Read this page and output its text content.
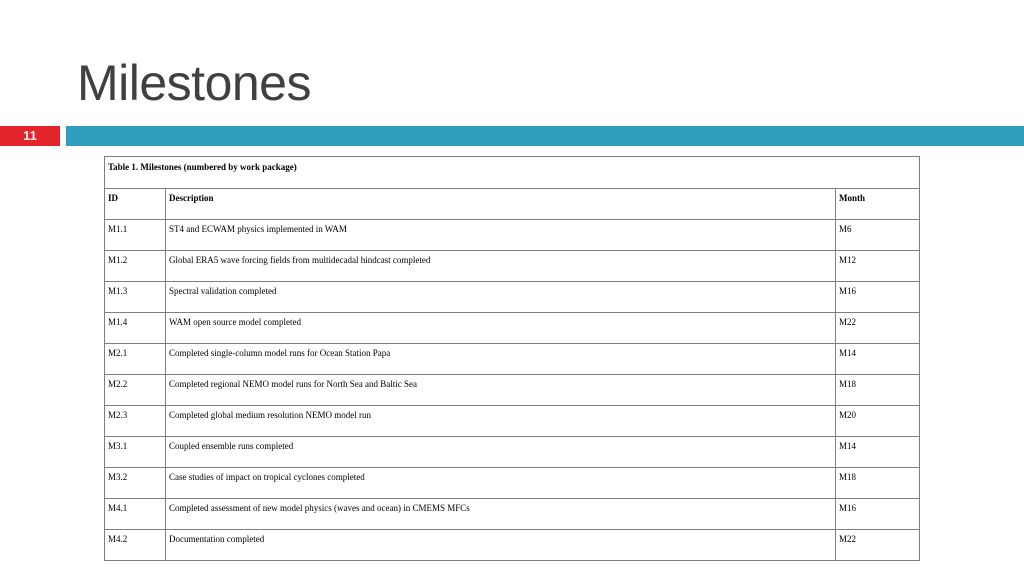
Milestones
11
Table 1. Milestones (numbered by work package)		
ID	Description	Month
M1.1	ST4 and ECWAM physics implemented in WAM	M6
M1.2	Global ERA5 wave forcing fields from multidecadal hindcast completed	M12
M1.3	Spectral validation completed	M16
M1.4	WAM open source model completed	M22
M2.1	Completed single-column model runs for Ocean Station Papa	M14
M2.2	Completed regional NEMO model runs for North Sea and Baltic Sea	M18
M2.3	Completed global medium resolution NEMO model run	M20
M3.1	Coupled ensemble runs completed	M14
M3.2	Case studies of impact on tropical cyclones completed	M18
M4.1	Completed assessment of new model physics (waves and ocean) in CMEMS MFCs	M16
M4.2	Documentation completed	M22
